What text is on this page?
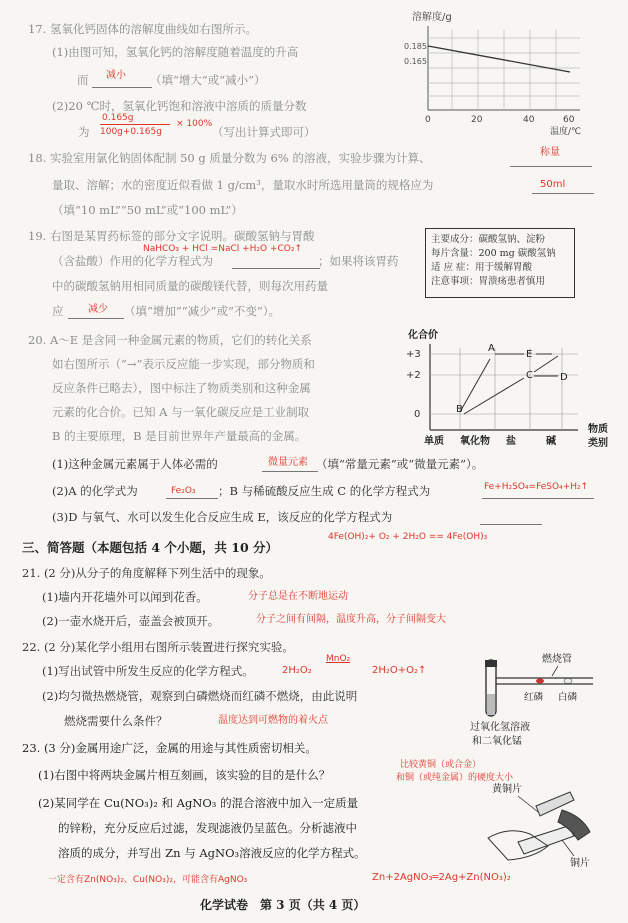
17. 氢氧化钙固体的溶解度曲线如右图所示。
(1)由图可知，氢氧化钙的溶解度随着温度的升高
而 减小 （填“增大”或“减小”）
(2)20 ℃时，氢氧化钙饱和溶液中溶质的质量分数
0.165g
100g+0.165g
× 100%
为	（写出计算式即可）
溶解度/g
0.185
0.165
0	20	40	60
温度/℃
18. 实验室用氯化钠固体配制 50 g 质量分数为 6% 的溶液，实验步骤为计算、	称量
量取、溶解；水的密度近似看做 1 g/cm³，量取水时所选用量筒的规格应为	50ml
（填“10 mL”“50 mL”或“100 mL”）
19. 右图是某胃药标签的部分文字说明。碳酸氢钠与胃酸
NaHCO₃ + HCl =NaCl +H₂O +CO₂↑
（含盐酸）作用的化学方程式为	；如果将该胃药
中的碳酸氢钠用相同质量的碳酸镁代替，则每次用药量
应 减少 （填“增加”“减少”或“不变”）。
主要成分：碳酸氢钠、淀粉
每片含量：200 mg 碳酸氢钠
适 应 症：用于缓解胃酸
注意事项：胃溃疡患者慎用
20. A～E 是含同一种金属元素的物质，它们的转化关系
如右图所示（“→”表示反应能一步实现，部分物质和
反应条件已略去），图中标注了物质类别和这种金属
元素的化合价。已知 A 与一氧化碳反应是工业制取
B 的主要原理，B 是目前世界年产量最高的金属。
化合价
+3
+2
0
A
B
C	D
E
单质 氧化物 盐	碱
物质
类别
(1)这种金属元素属于人体必需的	微量元素 （填“常量元素”或“微量元素”）。
(2)A 的化学式为	Fe₂O₃ ；B 与稀硫酸反应生成 C 的化学方程式为	Fe+H₂SO₄=FeSO₄+H₂↑
(3)D 与氧气、水可以发生化合反应生成 E，该反应的化学方程式为
4Fe(OH)₂+ O₂ + 2H₂O == 4Fe(OH)₃
三、简答题（本题包括 4 个小题，共 10 分）
21. (2 分)从分子的角度解释下列生活中的现象。
(1)墙内开花墙外可以闻到花香。	分子总是在不断地运动
(2)一壶水烧开后，壶盖会被顶开。	分子之间有间隔，温度升高，分子间隔变大
22. (2 分)某化学小组用右图所示装置进行探究实验。
(1)写出试管中所发生反应的化学方程式。	2H₂O₂
MnO₂
2H₂O+O₂↑
(2)均匀微热燃烧管，观察到白磷燃烧而红磷不燃烧，由此说明
燃烧需要什么条件？	温度达到可燃物的着火点
燃烧管
红磷 白磷
过氧化氢溶液
和二氧化锰
23. (3 分)金属用途广泛，金属的用途与其性质密切相关。
(1)右图中将两块金属片相互刻画，该实验的目的是什么？
比较黄铜（或合金）
和铜（或纯金属）的硬度大小
(2)某同学在 Cu(NO₃)₂ 和 AgNO₃ 的混合溶液中加入一定质量
的锌粉，充分反应后过滤，发现滤液仍呈蓝色。分析滤液中
溶质的成分，并写出 Zn 与 AgNO₃溶液反应的化学方程式。
一定含有Zn(NO₃)₂、Cu(NO₃)₂，可能含有AgNO₃	Zn+2AgNO₃═2Ag+Zn(NO₃)₂
黄铜片
铜片
化学试卷　第 3 页（共 4 页）
